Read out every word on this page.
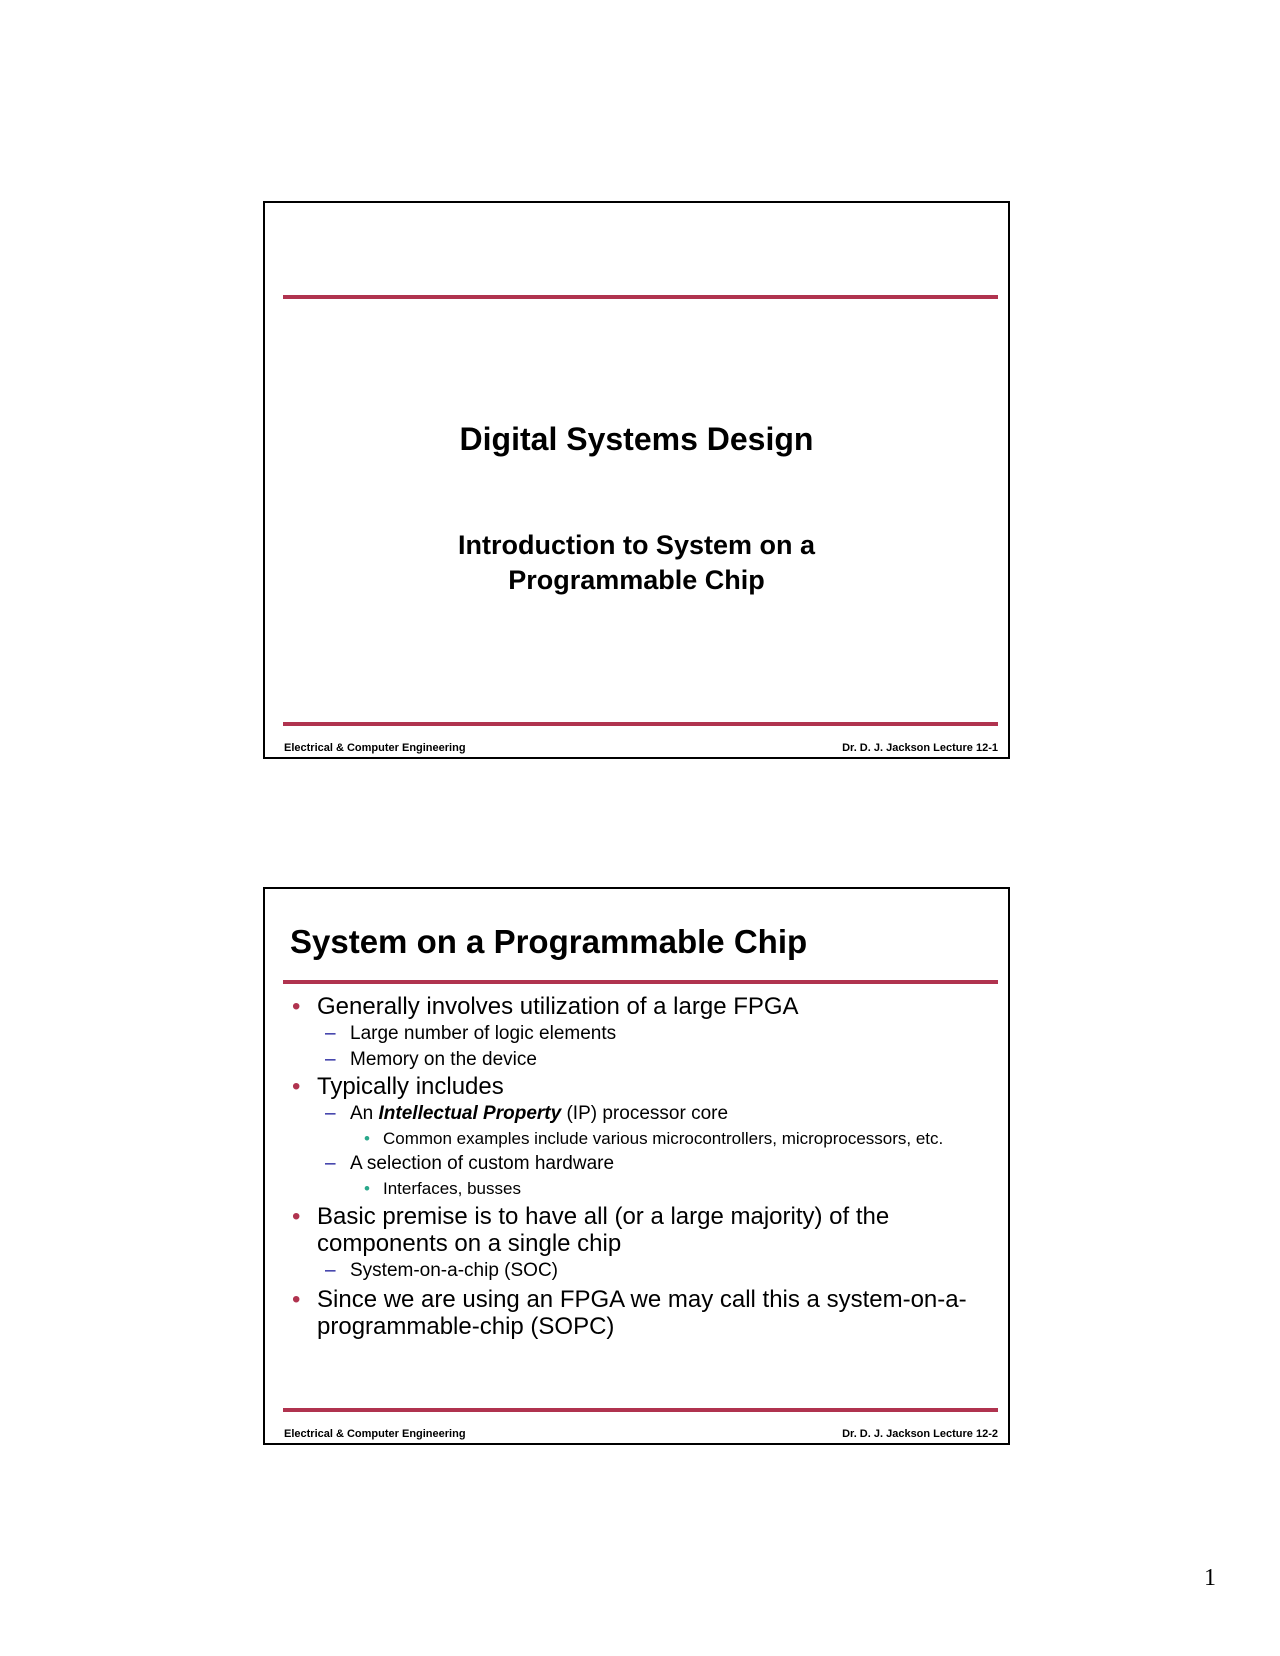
Digital Systems Design
Introduction to System on a
Programmable Chip
Electrical & Computer Engineering	Dr. D. J. Jackson Lecture 12-1
System on a Programmable Chip
• Generally involves utilization of a large FPGA
– Large number of logic elements
– Memory on the device
• Typically includes
– An Intellectual Property (IP) processor core
• Common examples include various microcontrollers, microprocessors, etc.
– A selection of custom hardware
• Interfaces, busses
• Basic premise is to have all (or a large majority) of the components on a single chip
– System-on-a-chip (SOC)
• Since we are using an FPGA we may call this a system-on-a-programmable-chip (SOPC)
Electrical & Computer Engineering	Dr. D. J. Jackson Lecture 12-2
1
